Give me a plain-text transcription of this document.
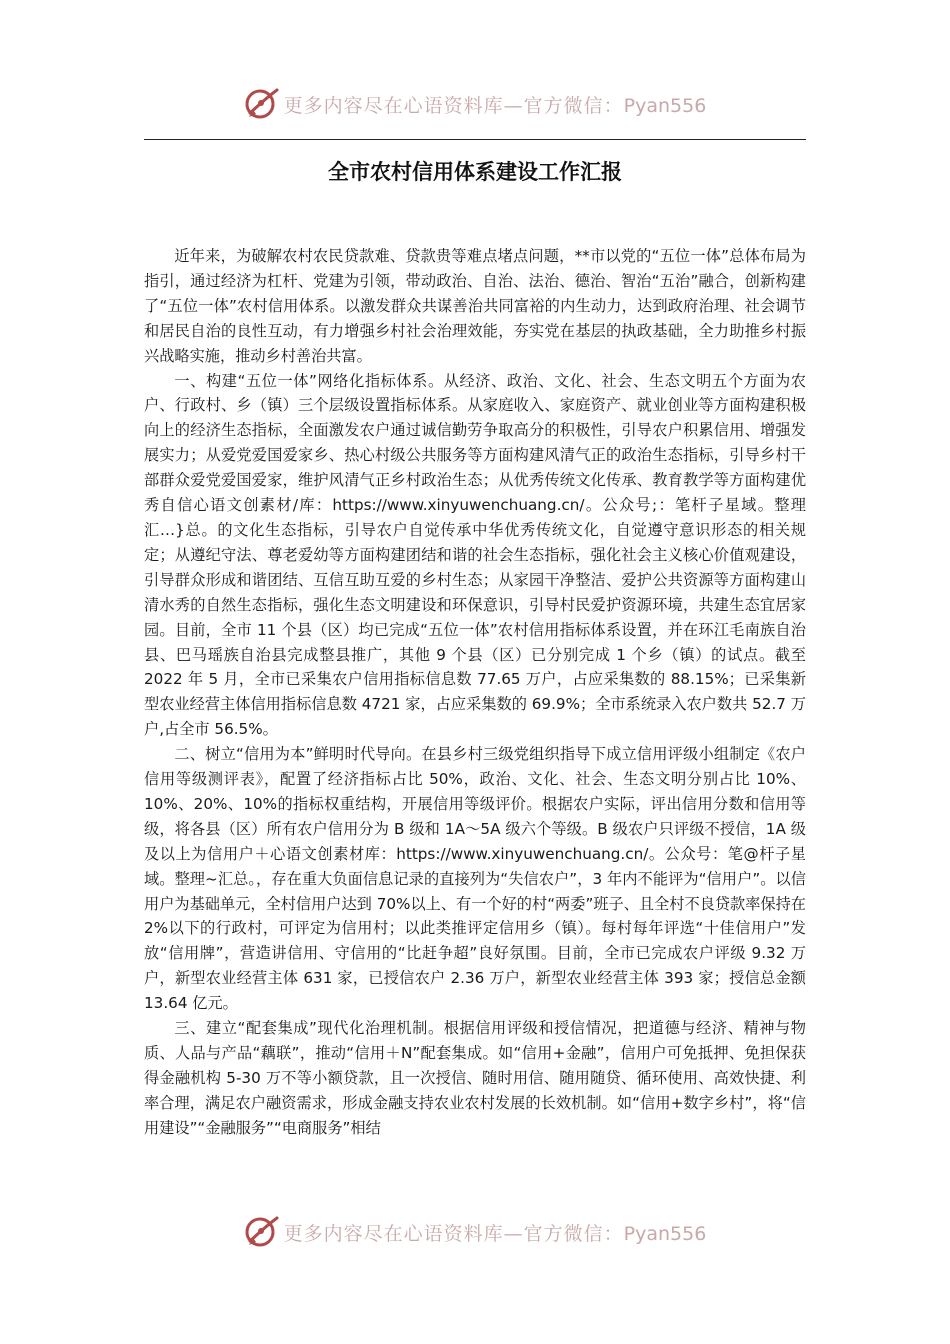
更多内容尽在心语资料库—官方微信：Pyan556
全市农村信用体系建设工作汇报

近年来，为破解农村农民贷款难、贷款贵等难点堵点问题，**市以党的“五位一体”总体布局为指引，通过经济为杠杆、党建为引领，带动政治、自治、法治、德治、智治“五治”融合，创新构建了“五位一体”农村信用体系。以激发群众共谋善治共同富裕的内生动力，达到政府治理、社会调节和居民自治的良性互动，有力增强乡村社会治理效能，夯实党在基层的执政基础，全力助推乡村振兴战略实施，推动乡村善治共富。

一、构建“五位一体”网络化指标体系。从经济、政治、文化、社会、生态文明五个方面为农户、行政村、乡（镇）三个层级设置指标体系。从家庭收入、家庭资产、就业创业等方面构建积极向上的经济生态指标，全面激发农户通过诚信勤劳争取高分的积极性，引导农户积累信用、增强发展实力；从爱党爱国爱家乡、热心村级公共服务等方面构建风清气正的政治生态指标，引导乡村干部群众爱党爱国爱家，维护风清气正乡村政治生态；从优秀传统文化传承、教育教学等方面构建优秀自信心语文创素材/库：https://www.xinyuwenchuang.cn/。公众号;：笔杆子星域。整理汇…}总。的文化生态指标，引导农户自觉传承中华优秀传统文化，自觉遵守意识形态的相关规定；从遵纪守法、尊老爱幼等方面构建团结和谐的社会生态指标，强化社会主义核心价值观建设，引导群众形成和谐团结、互信互助互爱的乡村生态；从家园干净整洁、爱护公共资源等方面构建山清水秀的自然生态指标，强化生态文明建设和环保意识，引导村民爱护资源环境，共建生态宜居家园。目前，全市 11 个县（区）均已完成“五位一体”农村信用指标体系设置，并在环江毛南族自治县、巴马瑶族自治县完成整县推广，其他 9 个县（区）已分别完成 1 个乡（镇）的试点。截至 2022 年 5 月，全市已采集农户信用指标信息数 77.65 万户，占应采集数的 88.15%；已采集新型农业经营主体信用指标信息数 4721 家，占应采集数的 69.9%；全市系统录入农户数共 52.7 万户,占全市 56.5%。

二、树立“信用为本”鲜明时代导向。在县乡村三级党组织指导下成立信用评级小组制定《农户信用等级测评表》，配置了经济指标占比 50%，政治、文化、社会、生态文明分别占比 10%、10%、20%、10%的指标权重结构，开展信用等级评价。根据农户实际，评出信用分数和信用等级，将各县（区）所有农户信用分为 B 级和 1A～5A 级六个等级。B 级农户只评级不授信，1A 级及以上为信用户＋心语文创素材库：https://www.xinyuwenchuang.cn/。公众号：笔@杆子星域。整理~汇总。，存在重大负面信息记录的直接列为“失信农户”，3 年内不能评为“信用户”。以信用户为基础单元，全村信用户达到 70%以上、有一个好的村“两委”班子、且全村不良贷款率保持在 2%以下的行政村，可评定为信用村；以此类推评定信用乡（镇）。每村每年评选“十佳信用户”发放“信用牌”，营造讲信用、守信用的“比赶争超”良好氛围。目前，全市已完成农户评级 9.32 万户，新型农业经营主体 631 家，已授信农户 2.36 万户，新型农业经营主体 393 家；授信总金额 13.64 亿元。

三、建立“配套集成”现代化治理机制。根据信用评级和授信情况，把道德与经济、精神与物质、人品与产品“藕联”，推动“信用＋N”配套集成。如“信用+金融”，信用户可免抵押、免担保获得金融机构 5-30 万不等小额贷款，且一次授信、随时用信、随用随贷、循环使用、高效快捷、利率合理，满足农户融资需求，形成金融支持农业农村发展的长效机制。如“信用+数字乡村”，将“信用建设”“金融服务”“电商服务”相结

更多内容尽在心语资料库—官方微信：Pyan556
